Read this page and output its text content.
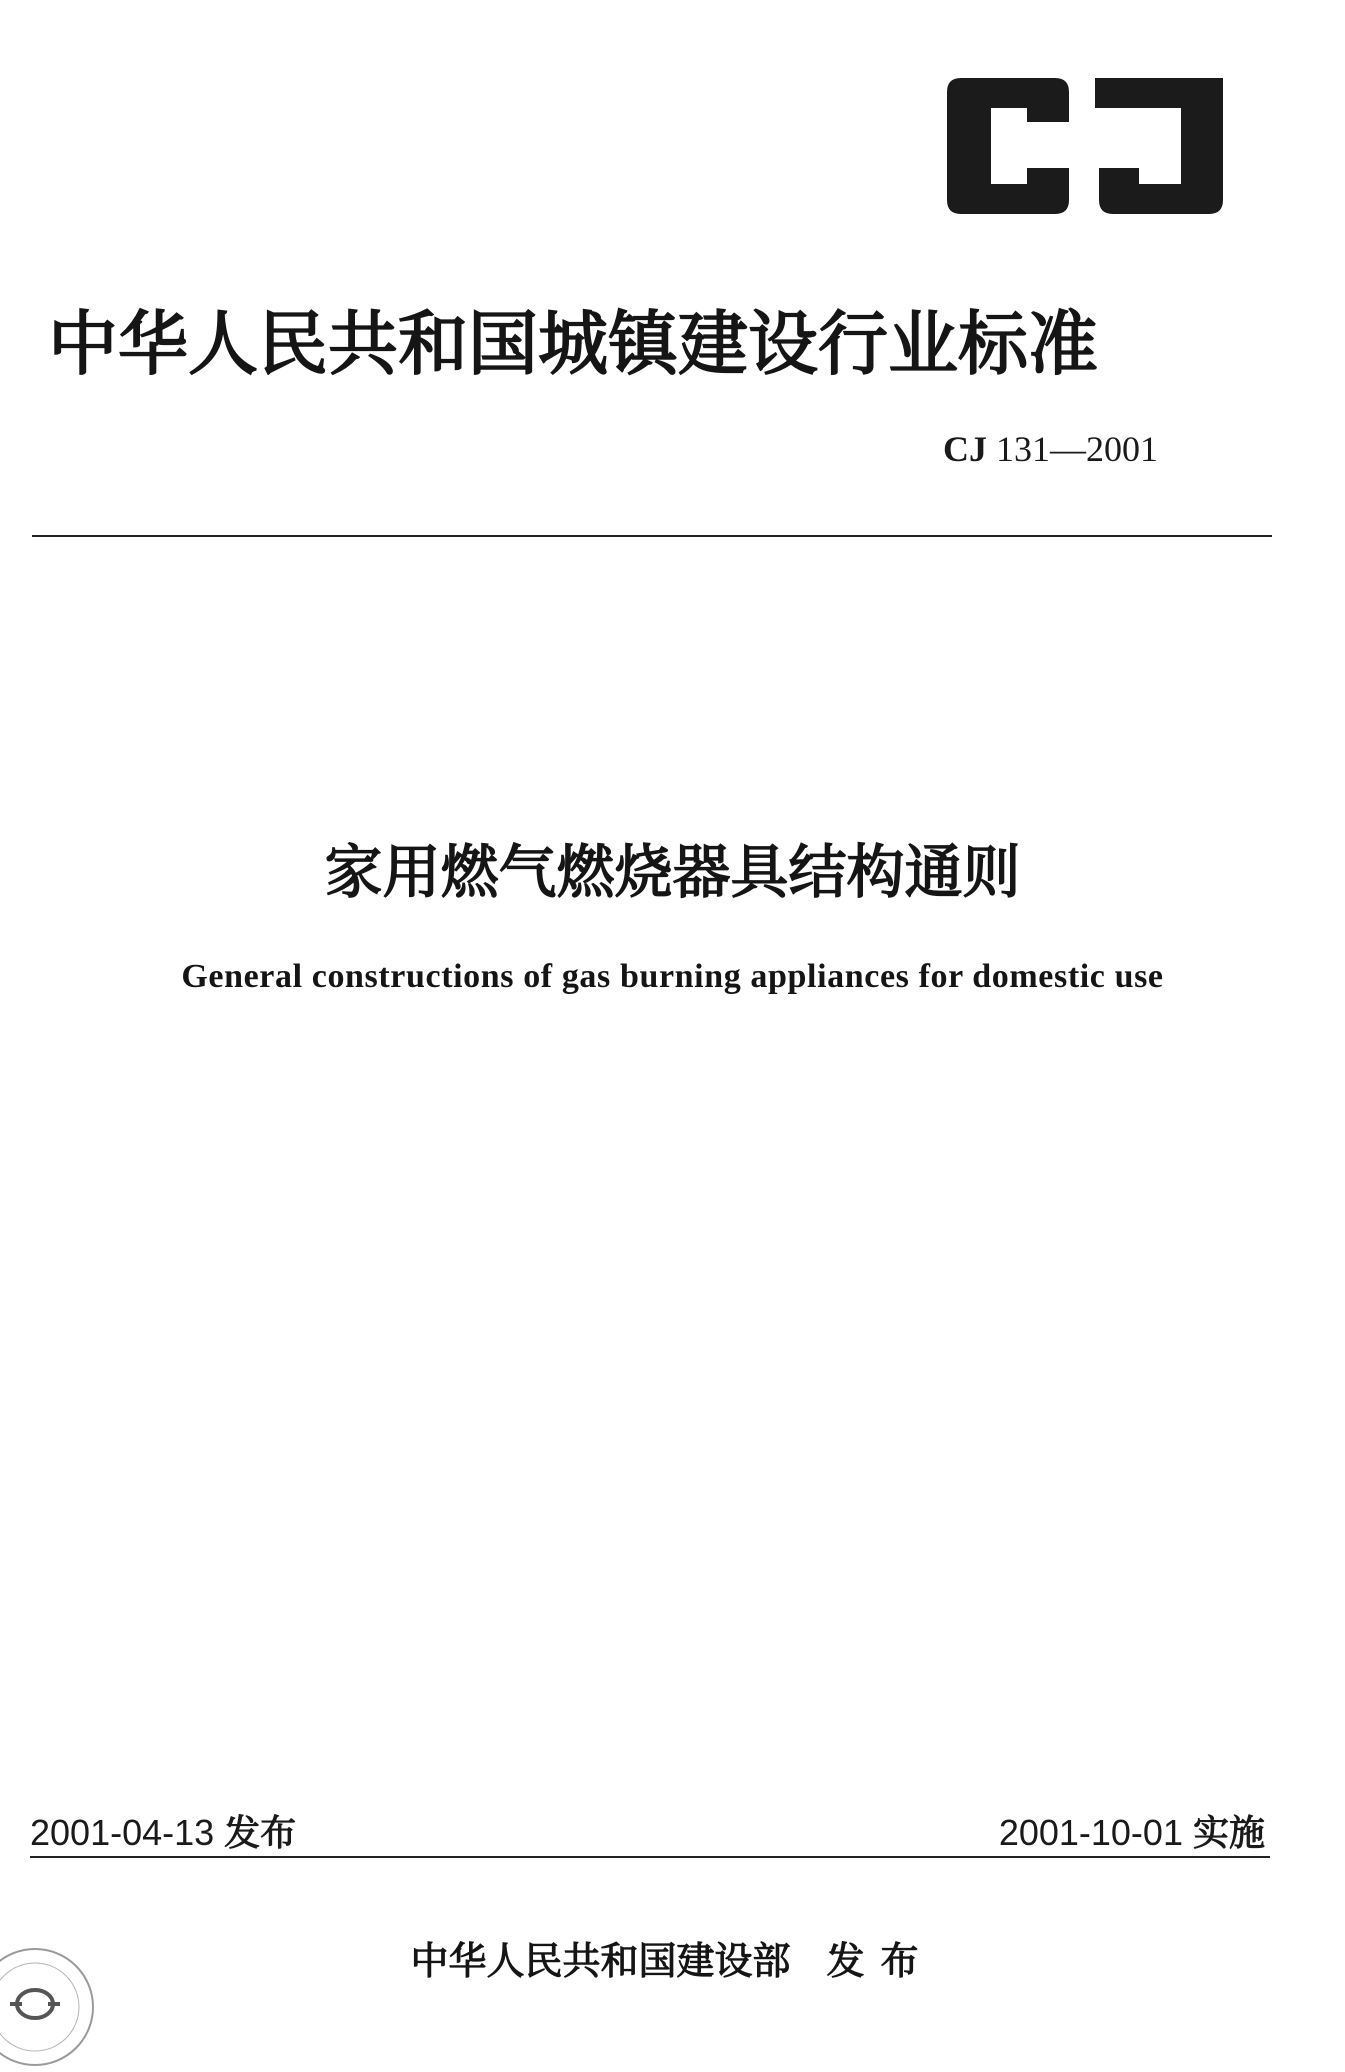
中华人民共和国城镇建设行业标准
CJ 131—2001
家用燃气燃烧器具结构通则
General constructions of gas burning appliances for domestic use
2001-04-13 发布	2001-10-01 实施
中华人民共和国建设部 发布
